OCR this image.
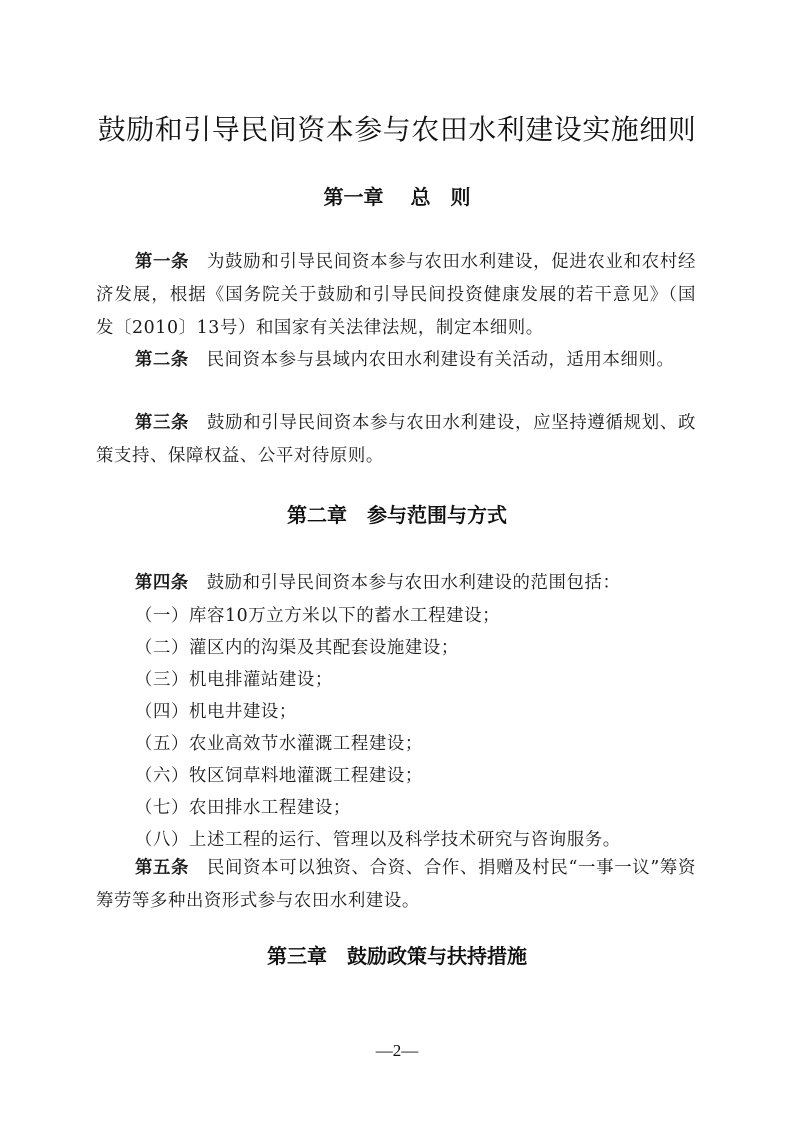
鼓励和引导民间资本参与农田水利建设实施细则
第一章　 总　则

第一条 为鼓励和引导民间资本参与农田水利建设，促进农业和农村经济发展，根据《国务院关于鼓励和引导民间投资健康发展的若干意见》（国发〔2010〕13号）和国家有关法律法规，制定本细则。

第二条 民间资本参与县域内农田水利建设有关活动，适用本细则。

第三条 鼓励和引导民间资本参与农田水利建设，应坚持遵循规划、政策支持、保障权益、公平对待原则。

第二章　参与范围与方式

第四条 鼓励和引导民间资本参与农田水利建设的范围包括：

（一）库容10万立方米以下的蓄水工程建设；
（二）灌区内的沟渠及其配套设施建设；
（三）机电排灌站建设；
（四）机电井建设；
（五）农业高效节水灌溉工程建设；
（六）牧区饲草料地灌溉工程建设；
（七）农田排水工程建设；
（八）上述工程的运行、管理以及科学技术研究与咨询服务。

第五条 民间资本可以独资、合资、合作、捐赠及村民“一事一议”筹资筹劳等多种出资形式参与农田水利建设。

第三章　鼓励政策与扶持措施
—2—
